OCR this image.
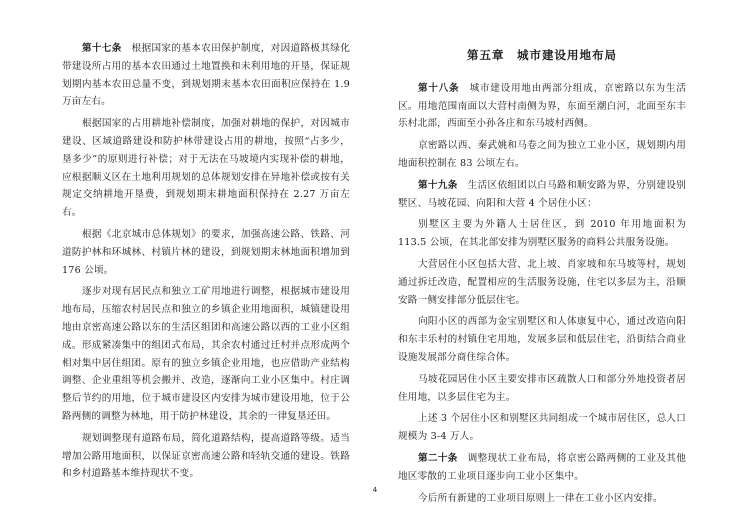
第十七条　根据国家的基本农田保护制度，对因道路极其绿化带建设所占用的基本农田通过土地置换和未利用地的开垦，保证规划期内基本农田总量不变，到规划期末基本农田面积应保持在 1.9 万亩左右。

根据国家的占用耕地补偿制度，加强对耕地的保护，对因城市建设、区域道路建设和防护林带建设占用的耕地，按照“占多少，垦多少”的原则进行补偿；对于无法在马坡境内实现补偿的耕地，应根据顺义区在土地利用规划的总体规划安排在异地补偿或按有关规定交纳耕地开垦费，到规划期末耕地面积保持在 2.27 万亩左右。

根据《北京城市总体规划》的要求，加强高速公路、铁路、河道防护林和环城林、村镇片林的建设，到规划期末林地面积增加到 176 公顷。

逐步对现有居民点和独立工矿用地进行调整，根据城市建设用地布局，压缩农村居民点和独立的乡镇企业用地面积，城镇建设用地由京密高速公路以东的生活区组团和高速公路以西的工业小区组成。形成紧凑集中的组团式布局，其余农村通过迁村并点形成两个相对集中居住组团。原有的独立乡镇企业用地，也应借助产业结构调整、企业重组等机会搬并、改造，逐渐向工业小区集中。村庄调整后节约的用地，位于城市建设区内安排为城市建设用地，位于公路两侧的调整为林地，用于防护林建设，其余的一律复垦还田。

规划调整现有道路布局，简化道路结构，提高道路等级。适当增加公路用地面积，以保证京密高速公路和轻轨交通的建设。铁路和乡村道路基本维持现状不变。

第五章　城市建设用地布局

第十八条　城市建设用地由两部分组成，京密路以东为生活区。用地范围南面以大营村南侧为界，东面至潮白河，北面至东丰乐村北部，西面至小孙各庄和东马坡村西侧。

京密路以西、秦武姚和马卷之间为独立工业小区，规划期内用地面积控制在 83 公顷左右。

第十九条　生活区依组团以白马路和顺安路为界，分别建设别墅区、马坡花园、向阳和大营 4 个居住小区：

别墅区主要为外籍人士居住区，到 2010 年用地面积为 113.5 公顷，在其北部安排为别墅区服务的商料公共服务设施。

大营居住小区包括大营、北上坡、肖家坡和东马坡等村，规划通过拆迁改造，配置相应的生活服务设施，住宅以多层为主，沿顺安路一侧安排部分低层住宅。

向阳小区的西部为金宝别墅区和人体康复中心，通过改造向阳和东丰乐村的村镇住宅用地，发展多层和低层住宅，沿街结合商业设施发展部分商住综合体。

马坡花园居住小区主要安排市区疏散人口和部分外地投资者居住用地，以多层住宅为主。

上述 3 个居住小区和别墅区共同组成一个城市居住区，总人口规模为 3-4 万人。

第二十条　调整现状工业布局，将京密公路两侧的工业及其他地区零散的工业项目逐步向工业小区集中。

今后所有新建的工业项目原则上一律在工业小区内安排。

4
